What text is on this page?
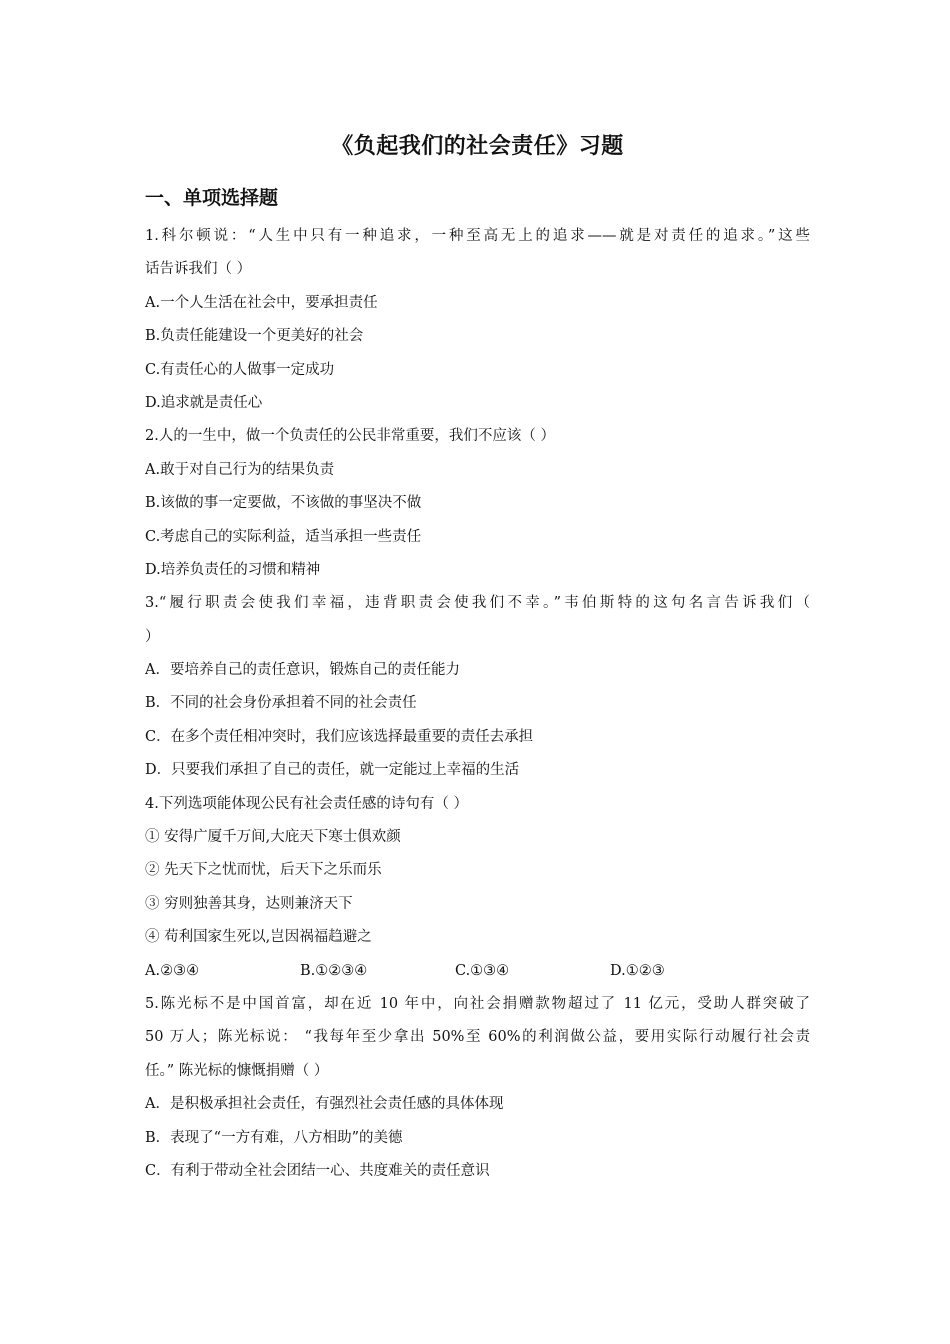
《负起我们的社会责任》习题
一、单项选择题
1.科尔顿说：“人生中只有一种追求，一种至高无上的追求——就是对责任的追求。”这些
话告诉我们（ ）
A.一个人生活在社会中，要承担责任
B.负责任能建设一个更美好的社会
C.有责任心的人做事一定成功
D.追求就是责任心
2.人的一生中，做一个负责任的公民非常重要，我们不应该（ ）
A.敢于对自己行为的结果负责
B.该做的事一定要做，不该做的事坚决不做
C.考虑自己的实际利益，适当承担一些责任
D.培养负责任的习惯和精神
3.“履行职责会使我们幸福，违背职责会使我们不幸。”韦伯斯特的这句名言告诉我们（
）
A．要培养自己的责任意识，锻炼自己的责任能力
B．不同的社会身份承担着不同的社会责任
C．在多个责任相冲突时，我们应该选择最重要的责任去承担
D．只要我们承担了自己的责任，就一定能过上幸福的生活
4.下列选项能体现公民有社会责任感的诗句有（ ）
① 安得广厦千万间,大庇天下寒士俱欢颜
② 先天下之忧而忧，后天下之乐而乐
③ 穷则独善其身，达则兼济天下
④ 苟利国家生死以,岂因祸福趋避之
A.②③④	B.①②③④	C.①③④	D.①②③
5.陈光标不是中国首富，却在近 10 年中，向社会捐赠款物超过了 11 亿元，受助人群突破了
50 万人；陈光标说： “我每年至少拿出 50%至 60%的利润做公益，要用实际行动履行社会责
任。” 陈光标的慷慨捐赠（ ）
A．是积极承担社会责任，有强烈社会责任感的具体体现
B．表现了“一方有难，八方相助”的美德
C．有利于带动全社会团结一心、共度难关的责任意识
